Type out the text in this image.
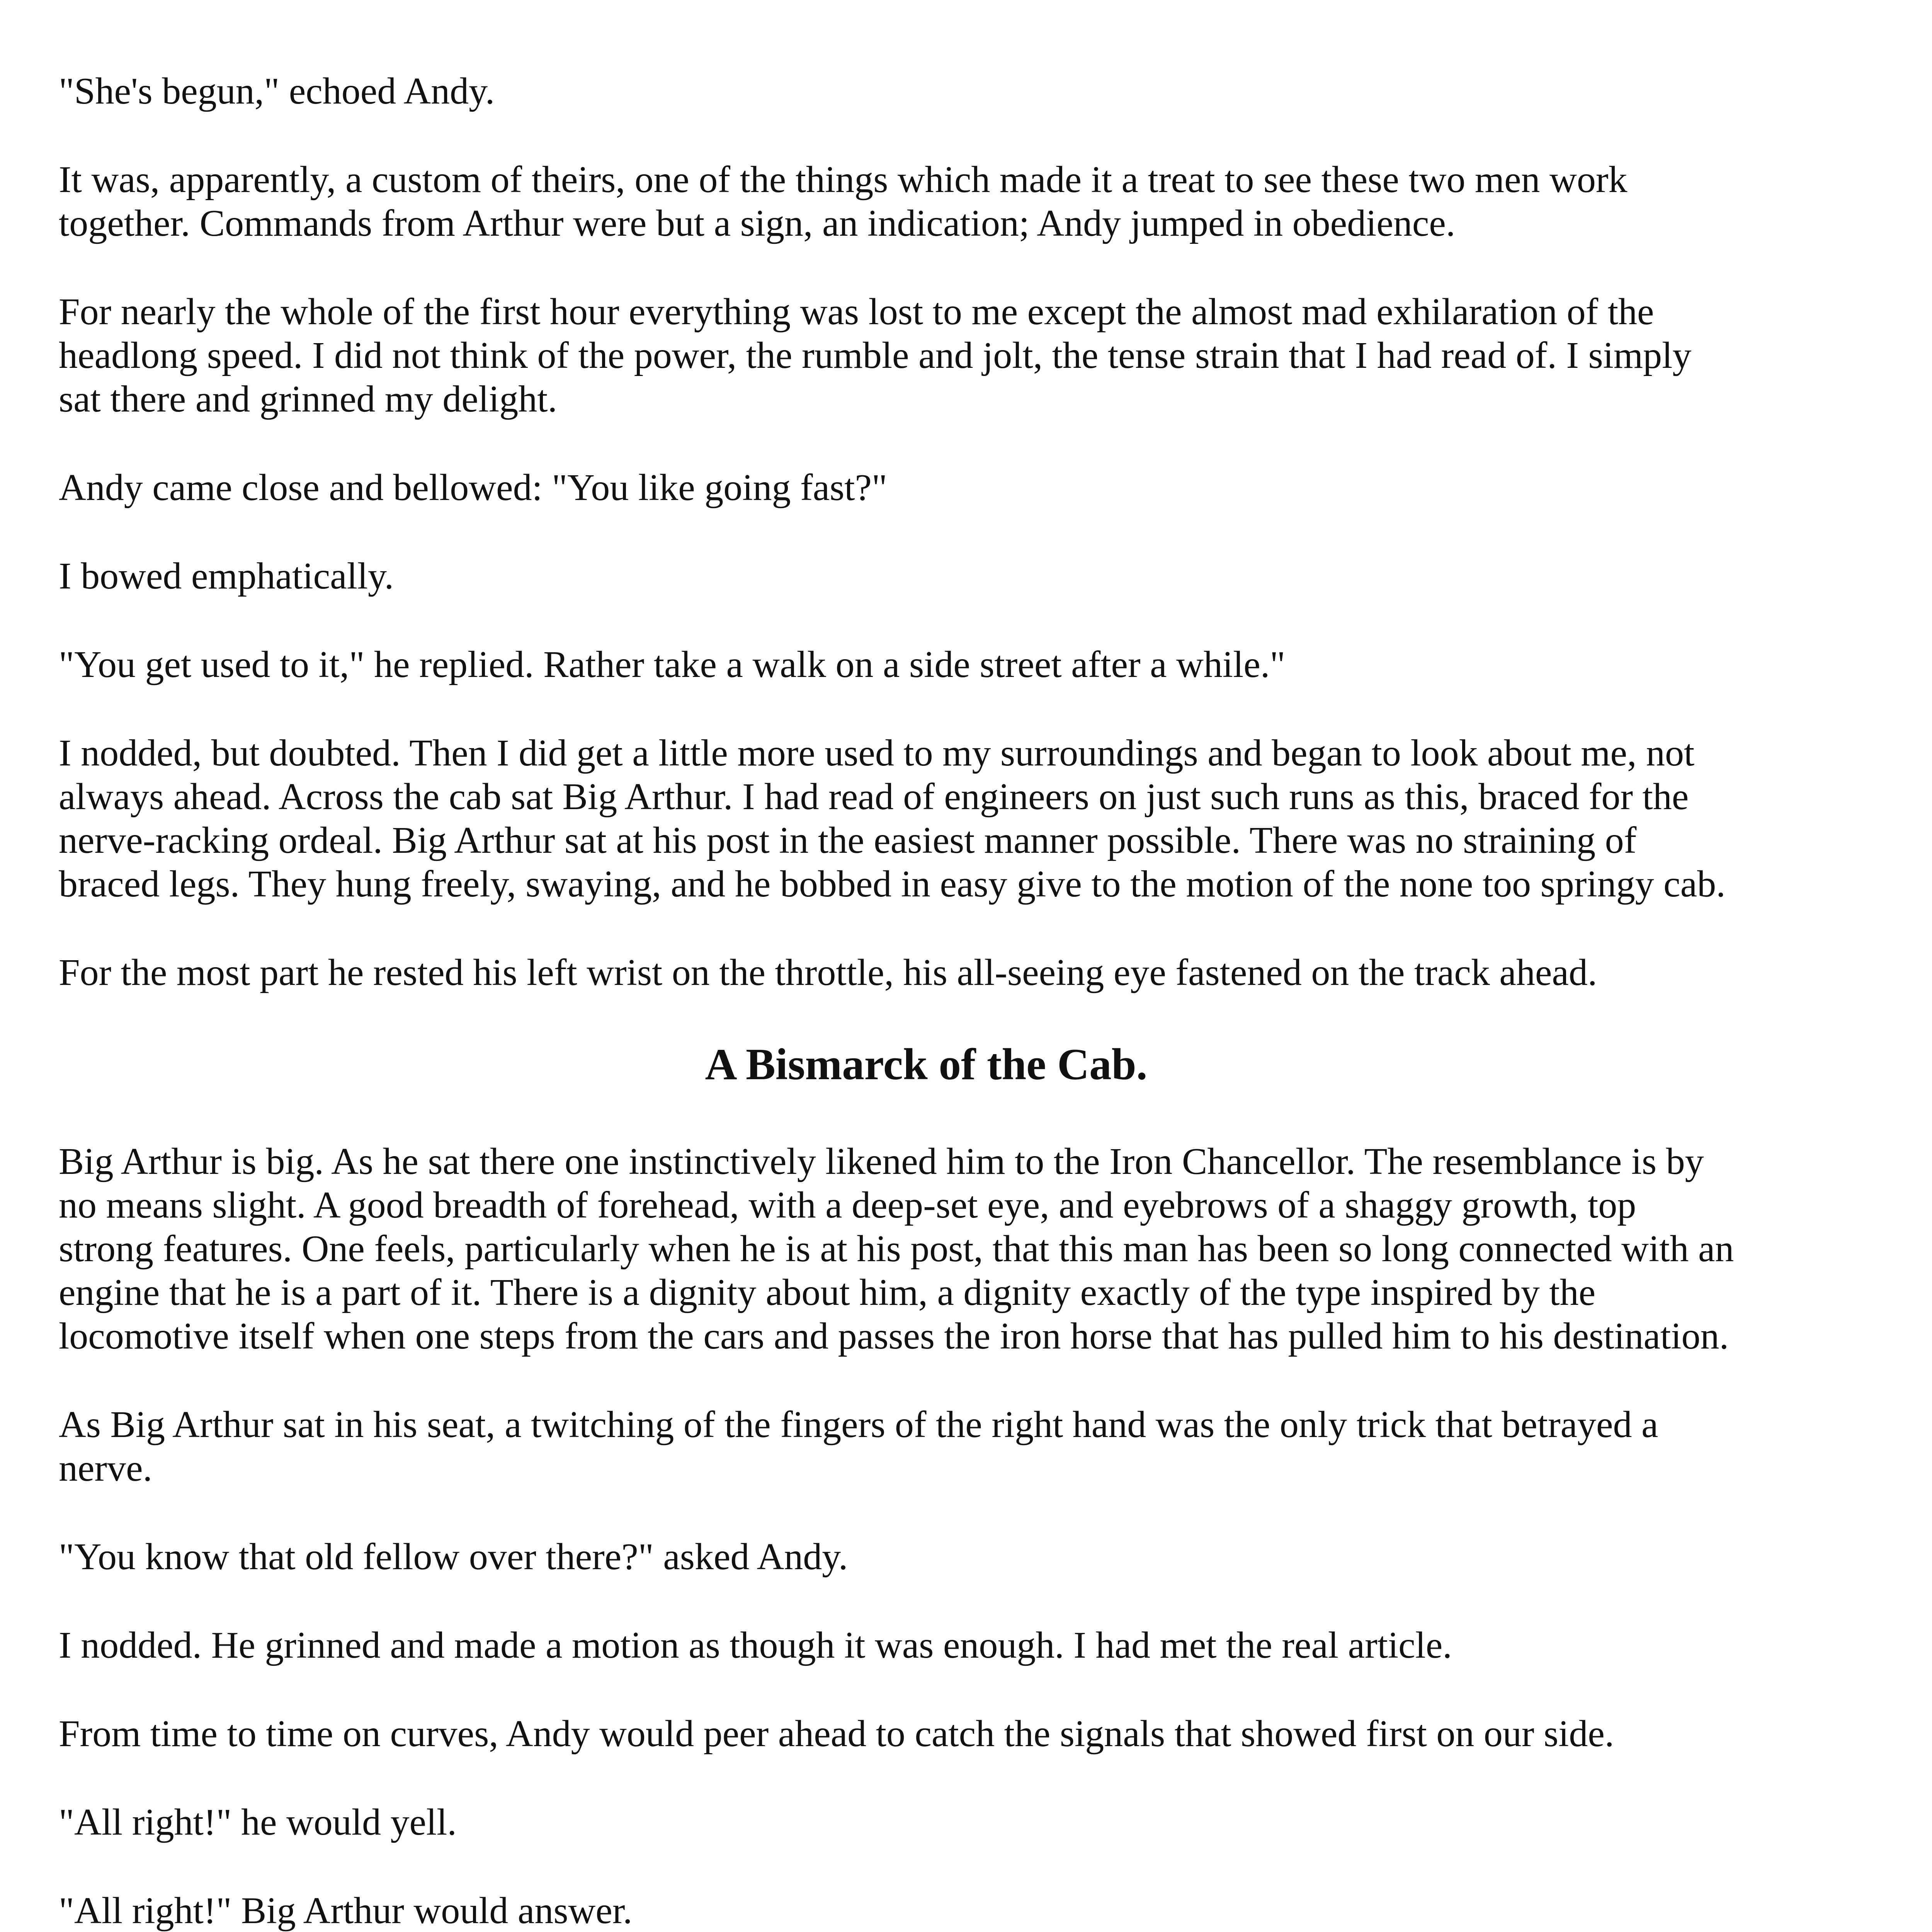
"She's begun," echoed Andy.

It was, apparently, a custom of theirs, one of the things which made it a treat to see these two men work together. Commands from Arthur were but a sign, an indication; Andy jumped in obedience.

For nearly the whole of the first hour everything was lost to me except the almost mad exhilaration of the headlong speed. I did not think of the power, the rumble and jolt, the tense strain that I had read of. I simply sat there and grinned my delight.

Andy came close and bellowed: "You like going fast?"

I bowed emphatically.

"You get used to it," he replied. Rather take a walk on a side street after a while."

I nodded, but doubted. Then I did get a little more used to my surroundings and began to look about me, not always ahead. Across the cab sat Big Arthur. I had read of engineers on just such runs as this, braced for the nerve-racking ordeal. Big Arthur sat at his post in the easiest manner possible. There was no straining of braced legs. They hung freely, swaying, and he bobbed in easy give to the motion of the none too springy cab.

For the most part he rested his left wrist on the throttle, his all-seeing eye fastened on the track ahead.

A Bismarck of the Cab.

Big Arthur is big. As he sat there one instinctively likened him to the Iron Chancellor. The resemblance is by no means slight. A good breadth of forehead, with a deep-set eye, and eyebrows of a shaggy growth, top strong features. One feels, particularly when he is at his post, that this man has been so long connected with an engine that he is a part of it. There is a dignity about him, a dignity exactly of the type inspired by the locomotive itself when one steps from the cars and passes the iron horse that has pulled him to his destination.

As Big Arthur sat in his seat, a twitching of the fingers of the right hand was the only trick that betrayed a nerve.

"You know that old fellow over there?" asked Andy.

I nodded. He grinned and made a motion as though it was enough. I had met the real article.

From time to time on curves, Andy would peer ahead to catch the signals that showed first on our side.

"All right!" he would yell.

"All right!" Big Arthur would answer.
